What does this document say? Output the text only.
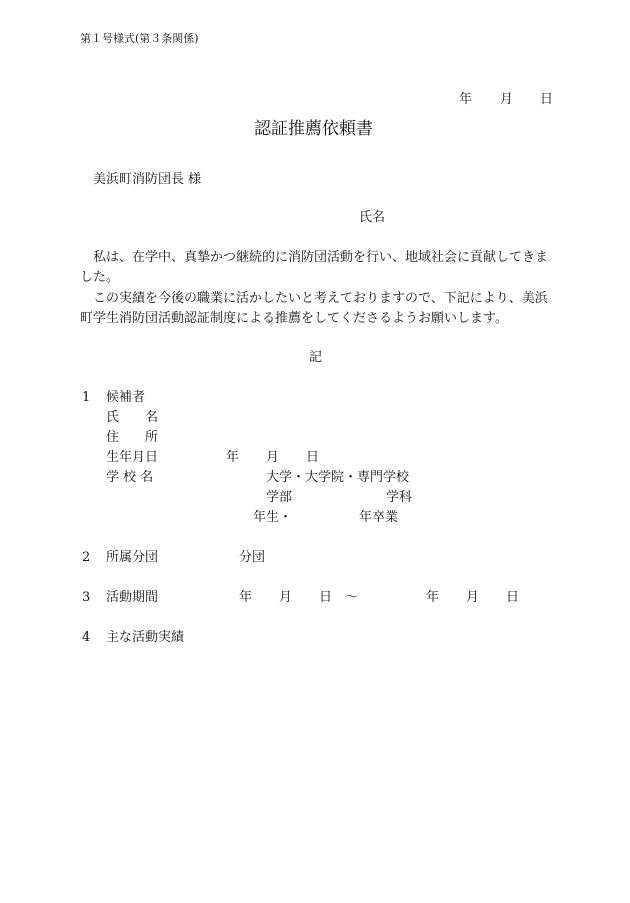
第１号様式(第３条関係)
年 月 日
認証推薦依頼書
美浜町消防団長 様
氏名
　私は、在学中、真摯かつ継続的に消防団活動を行い、地域社会に貢献してきました。
　この実績を今後の職業に活かしたいと考えておりますので、下記により、美浜町学生消防団活動認証制度による推薦をしてくださるようお願いします。
記
1 候補者
氏　　名
住　　所
生年月日	年 月 日
学 校 名	大学・大学院・専門学校
学部	学科
年生・	年卒業
2 所属分団	分団
3 活動期間	年 月 日 ～	年 月 日
4 主な活動実績
